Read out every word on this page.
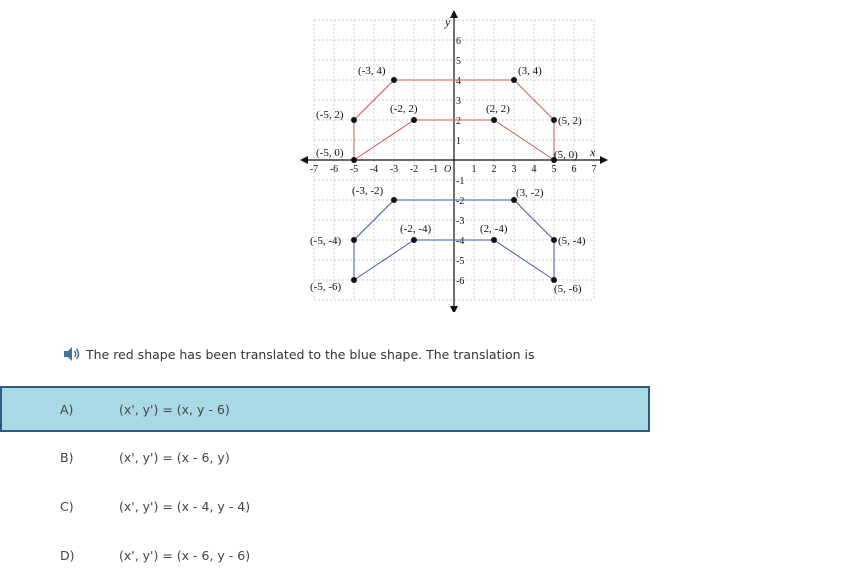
y
x
O
-7 -6 -5 -4 -3 -2 -1	1 2 3 4 5 6 7
6
5
4
3
2
1
-1
-2
-3
-4
-5
-6
(-5, 0)
(-5, 2)
(-3, 4)	(3, 4)
(5, 2)
(5, 0)
(2, 2)
(-2, 2)
(-5, -6)
(-5, -4)
(-3, -2)	(3, -2)
(5, -4)
(5, -6)
(2, -4)
(-2, -4)
The red shape has been translated to the blue shape. The translation is
A)	(x', y') = (x, y - 6)
B)	(x', y') = (x - 6, y)
C)	(x', y') = (x - 4, y - 4)
D)	(x', y') = (x - 6, y - 6)
